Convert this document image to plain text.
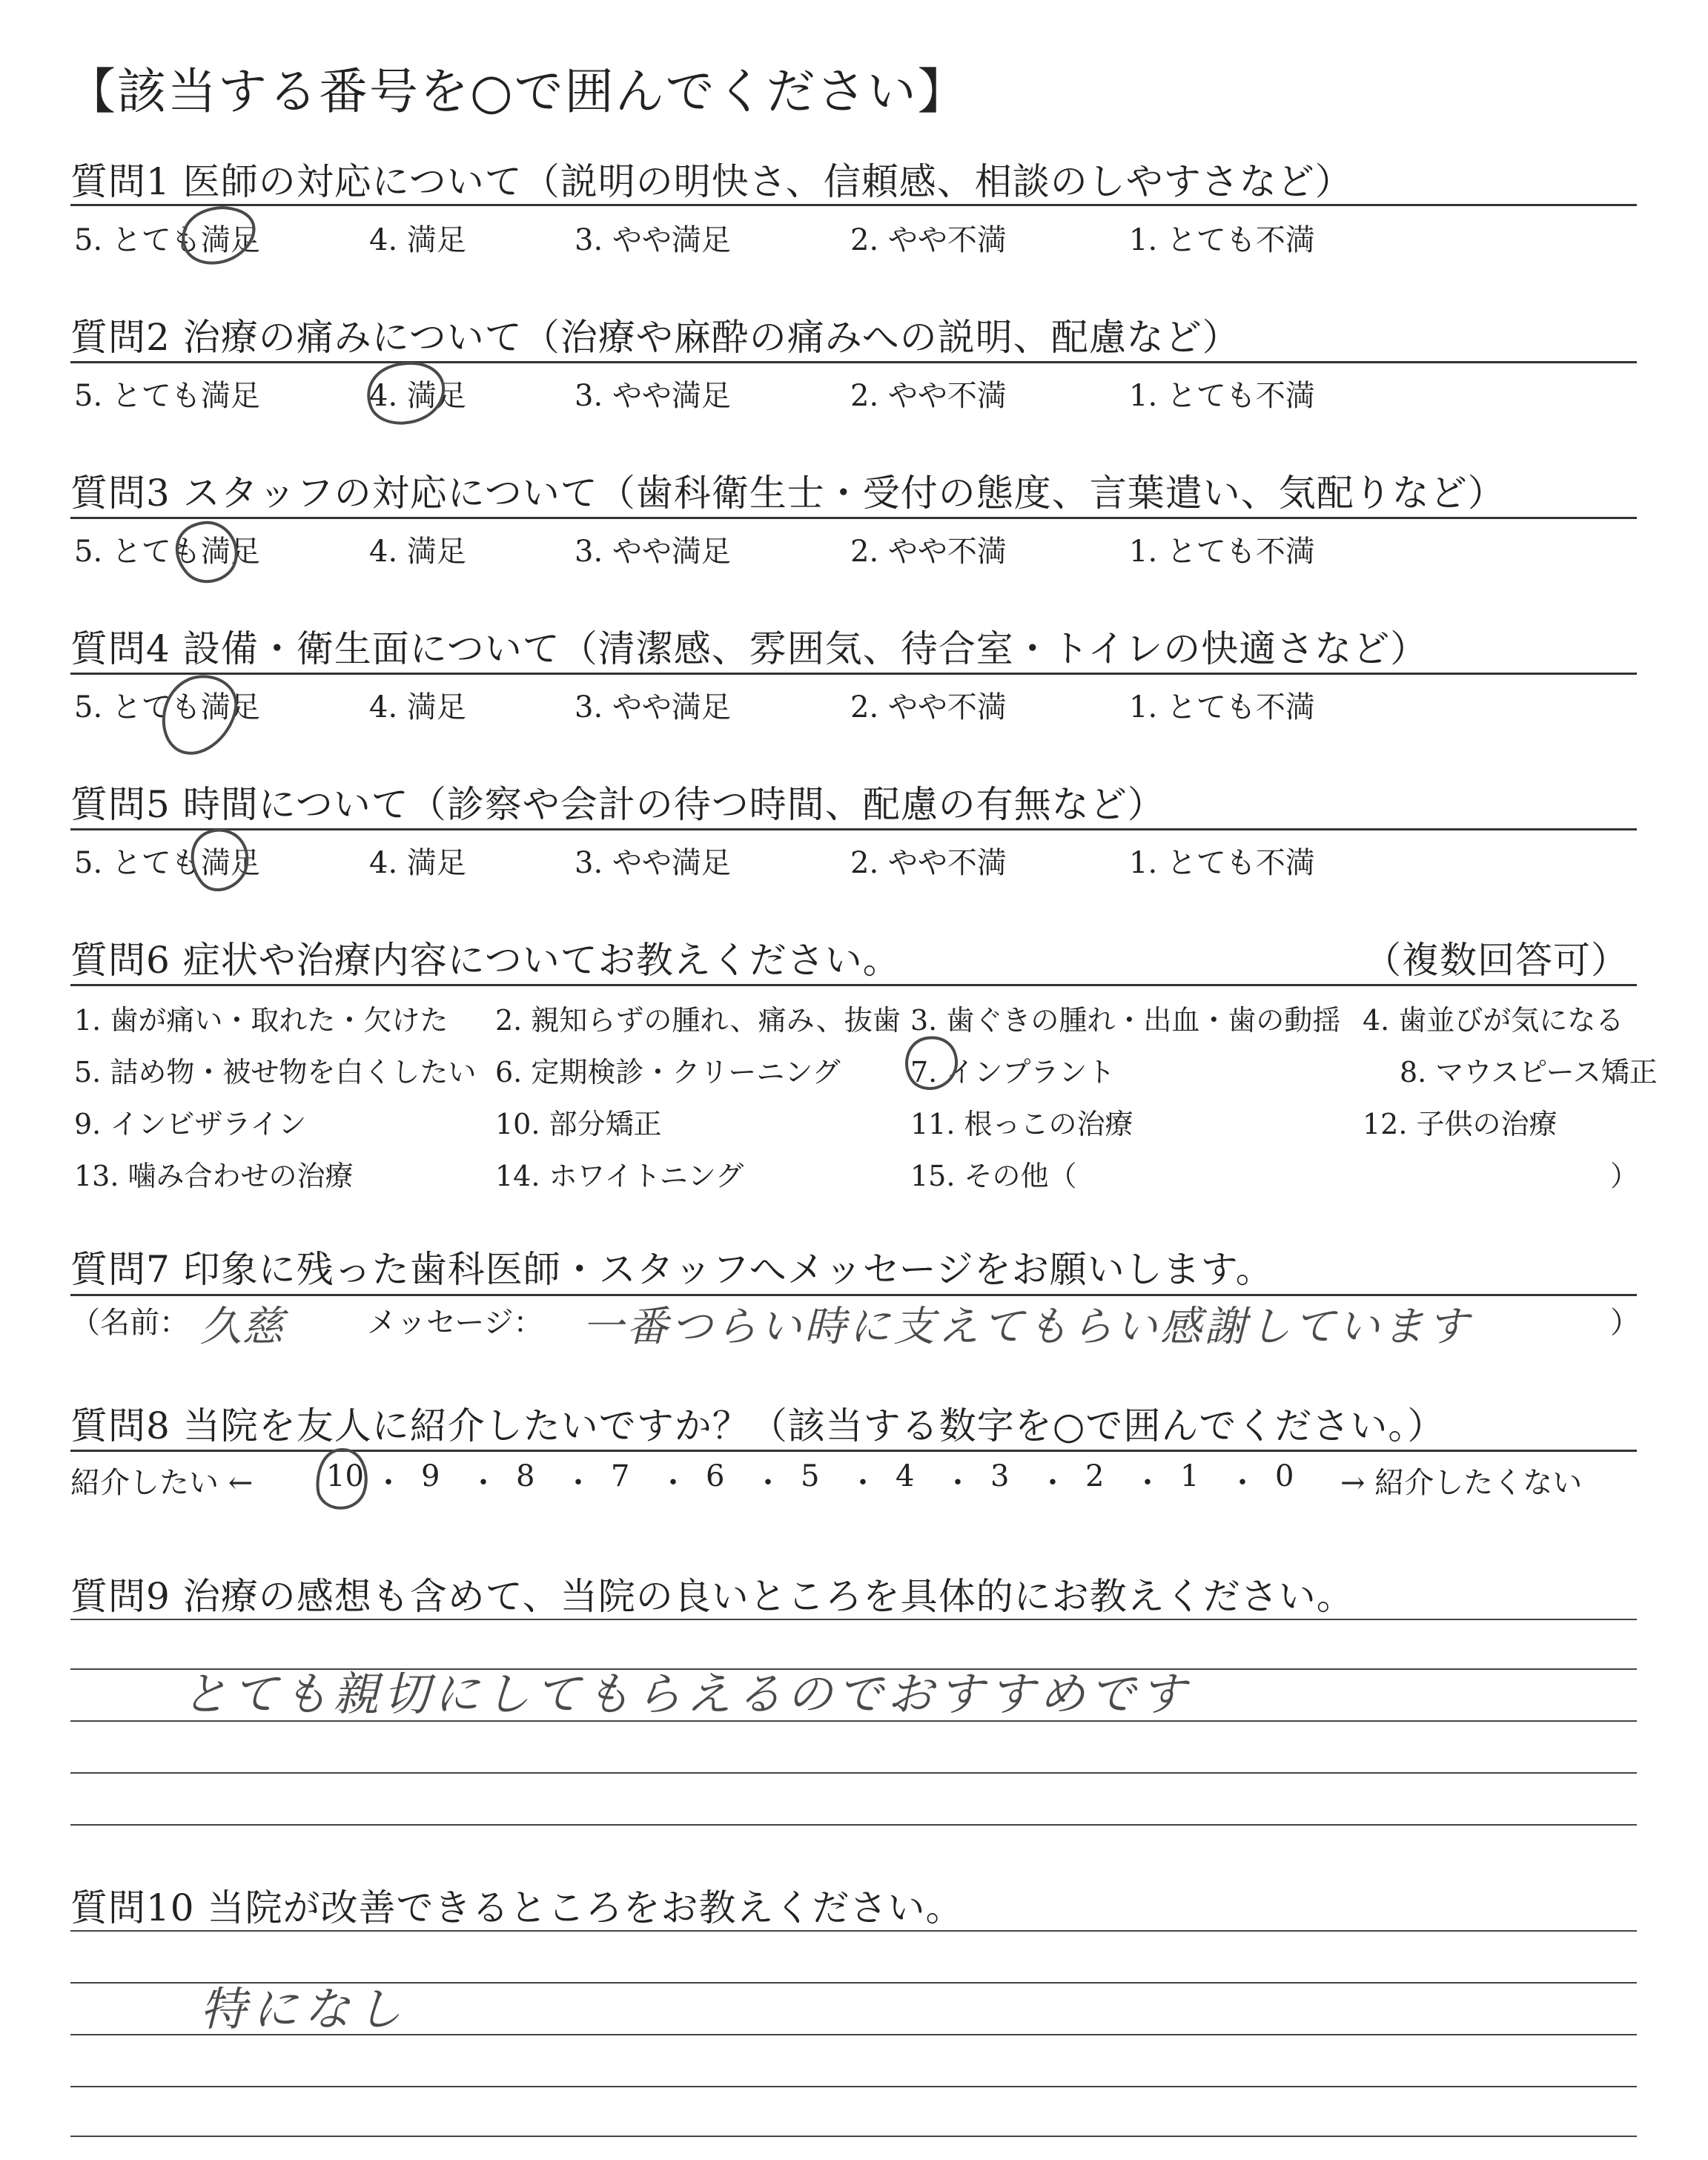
【該当する番号を○で囲んでください】
質問1 医師の対応について（説明の明快さ、信頼感、相談のしやすさなど）
5. とても満足	4. 満足	3. やや満足	2. やや不満	1. とても不満
質問2 治療の痛みについて（治療や麻酔の痛みへの説明、配慮など）
5. とても満足	4. 満足	3. やや満足	2. やや不満	1. とても不満
質問3 スタッフの対応について（歯科衛生士・受付の態度、言葉遣い、気配りなど）
5. とても満足	4. 満足	3. やや満足	2. やや不満	1. とても不満
質問4 設備・衛生面について（清潔感、雰囲気、待合室・トイレの快適さなど）
5. とても満足	4. 満足	3. やや満足	2. やや不満	1. とても不満
質問5 時間について（診察や会計の待つ時間、配慮の有無など）
5. とても満足	4. 満足	3. やや満足	2. やや不満	1. とても不満
質問6 症状や治療内容についてお教えください。	（複数回答可）
1. 歯が痛い・取れた・欠けた 2. 親知らずの腫れ、痛み、抜歯 3. 歯ぐきの腫れ・出血・歯の動揺 4. 歯並びが気になる
5. 詰め物・被せ物を白くしたい 6. 定期検診・クリーニング 7. インプラント	8. マウスピース矯正
9. インビザライン	10. 部分矯正	11. 根っこの治療	12. 子供の治療
13. 噛み合わせの治療	14. ホワイトニング	15. その他（	）
質問7 印象に残った歯科医師・スタッフへメッセージをお願いします。
（名前： 久慈	メッセージ： 一番つらい時に支えてもらい感謝しています	）
質問8 当院を友人に紹介したいですか？（該当する数字を○で囲んでください。）
紹介したい ← 10 ・ 9 ・ 8 ・ 7 ・ 6 ・ 5 ・ 4 ・ 3 ・ 2 ・ 1 ・ 0 → 紹介したくない
質問9 治療の感想も含めて、当院の良いところを具体的にお教えください。
とても親切にしてもらえるのでおすすめです
質問10 当院が改善できるところをお教えください。
特になし
